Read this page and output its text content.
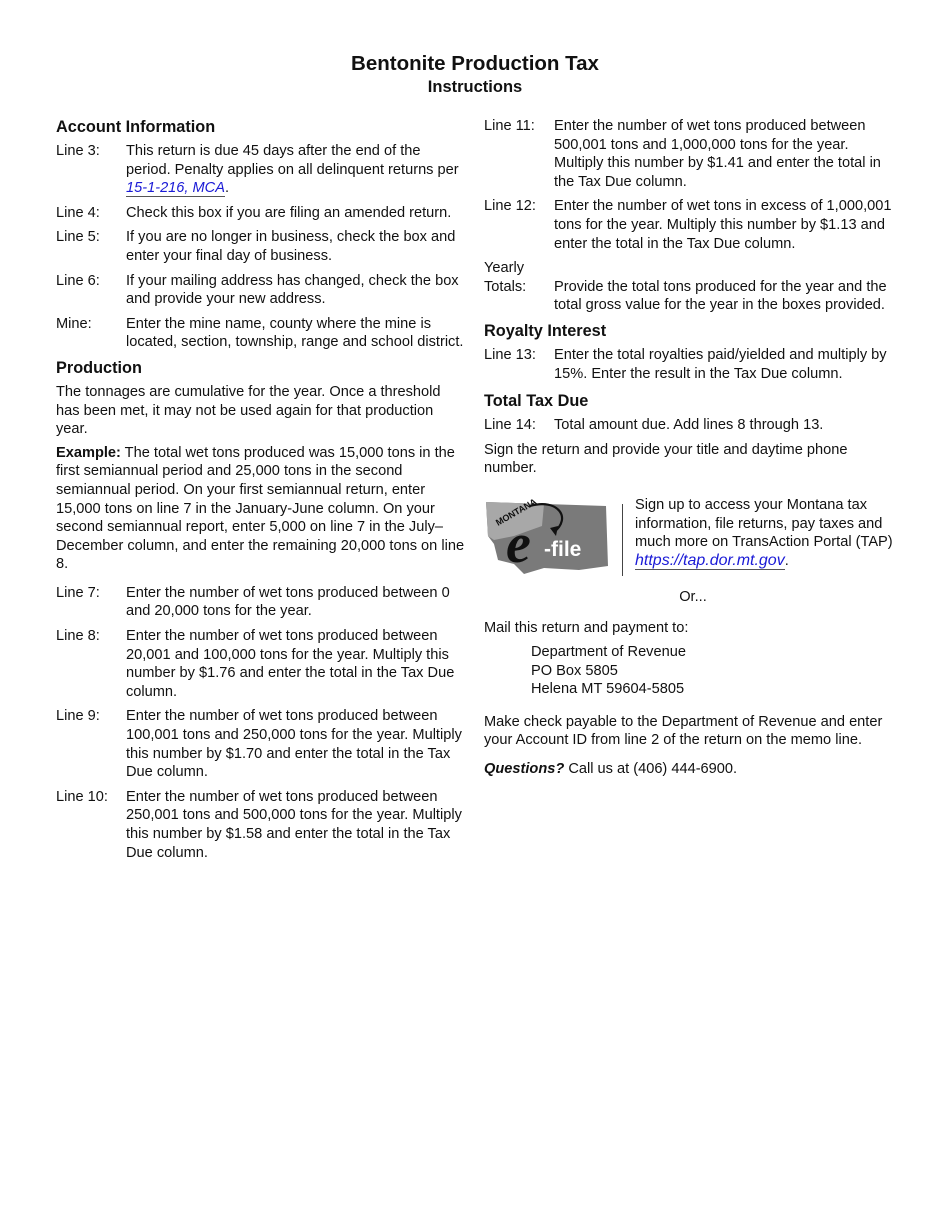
Bentonite Production Tax
Instructions
Account Information
Line 3:	This return is due 45 days after the end of the period. Penalty applies on all delinquent returns per 15-1-216, MCA.
Line 4:	Check this box if you are filing an amended return.
Line 5:	If you are no longer in business, check the box and enter your final day of business.
Line 6:	If your mailing address has changed, check the box and provide your new address.
Mine:	Enter the mine name, county where the mine is located, section, township, range and school district.
Production

The tonnages are cumulative for the year. Once a threshold has been met, it may not be used again for that production year.

Example: The total wet tons produced was 15,000 tons in the first semiannual period and 25,000 tons in the second semiannual period. On your first semiannual return, enter 15,000 tons on line 7 in the January-June column. On your second semiannual report, enter 5,000 on line 7 in the July–December column, and enter the remaining 20,000 tons on line 8.

Line 7:	Enter the number of wet tons produced between 0 and 20,000 tons for the year.
Line 8:	Enter the number of wet tons produced between 20,001 and 100,000 tons for the year. Multiply this number by $1.76 and enter the total in the Tax Due column.
Line 9:	Enter the number of wet tons produced between 100,001 tons and 250,000 tons for the year. Multiply this number by $1.70 and enter the total in the Tax Due column.
Line 10:	Enter the number of wet tons produced between 250,001 tons and 500,000 tons for the year. Multiply this number by $1.58 and enter the total in the Tax Due column.
Line 11:	Enter the number of wet tons produced between 500,001 tons and 1,000,000 tons for the year. Multiply this number by $1.41 and enter the total in the Tax Due column.
Line 12:	Enter the number of wet tons in excess of 1,000,001 tons for the year. Multiply this number by $1.13 and enter the total in the Tax Due column.
Yearly
Totals:	Provide the total tons produced for the year and the total gross value for the year in the boxes provided.
Royalty Interest
Line 13:	Enter the total royalties paid/yielded and multiply by 15%. Enter the result in the Tax Due column.
Total Tax Due
Line 14:	Total amount due. Add lines 8 through 13.

Sign the return and provide your title and daytime phone number.

MONTANA
e -file
Sign up to access your Montana tax information, file returns, pay taxes and much more on TransAction Portal (TAP) https://tap.dor.mt.gov.
Or...

Mail this return and payment to:

Department of Revenue
PO Box 5805
Helena MT 59604-5805

Make check payable to the Department of Revenue and enter your Account ID from line 2 of the return on the memo line.

Questions? Call us at (406) 444-6900.
